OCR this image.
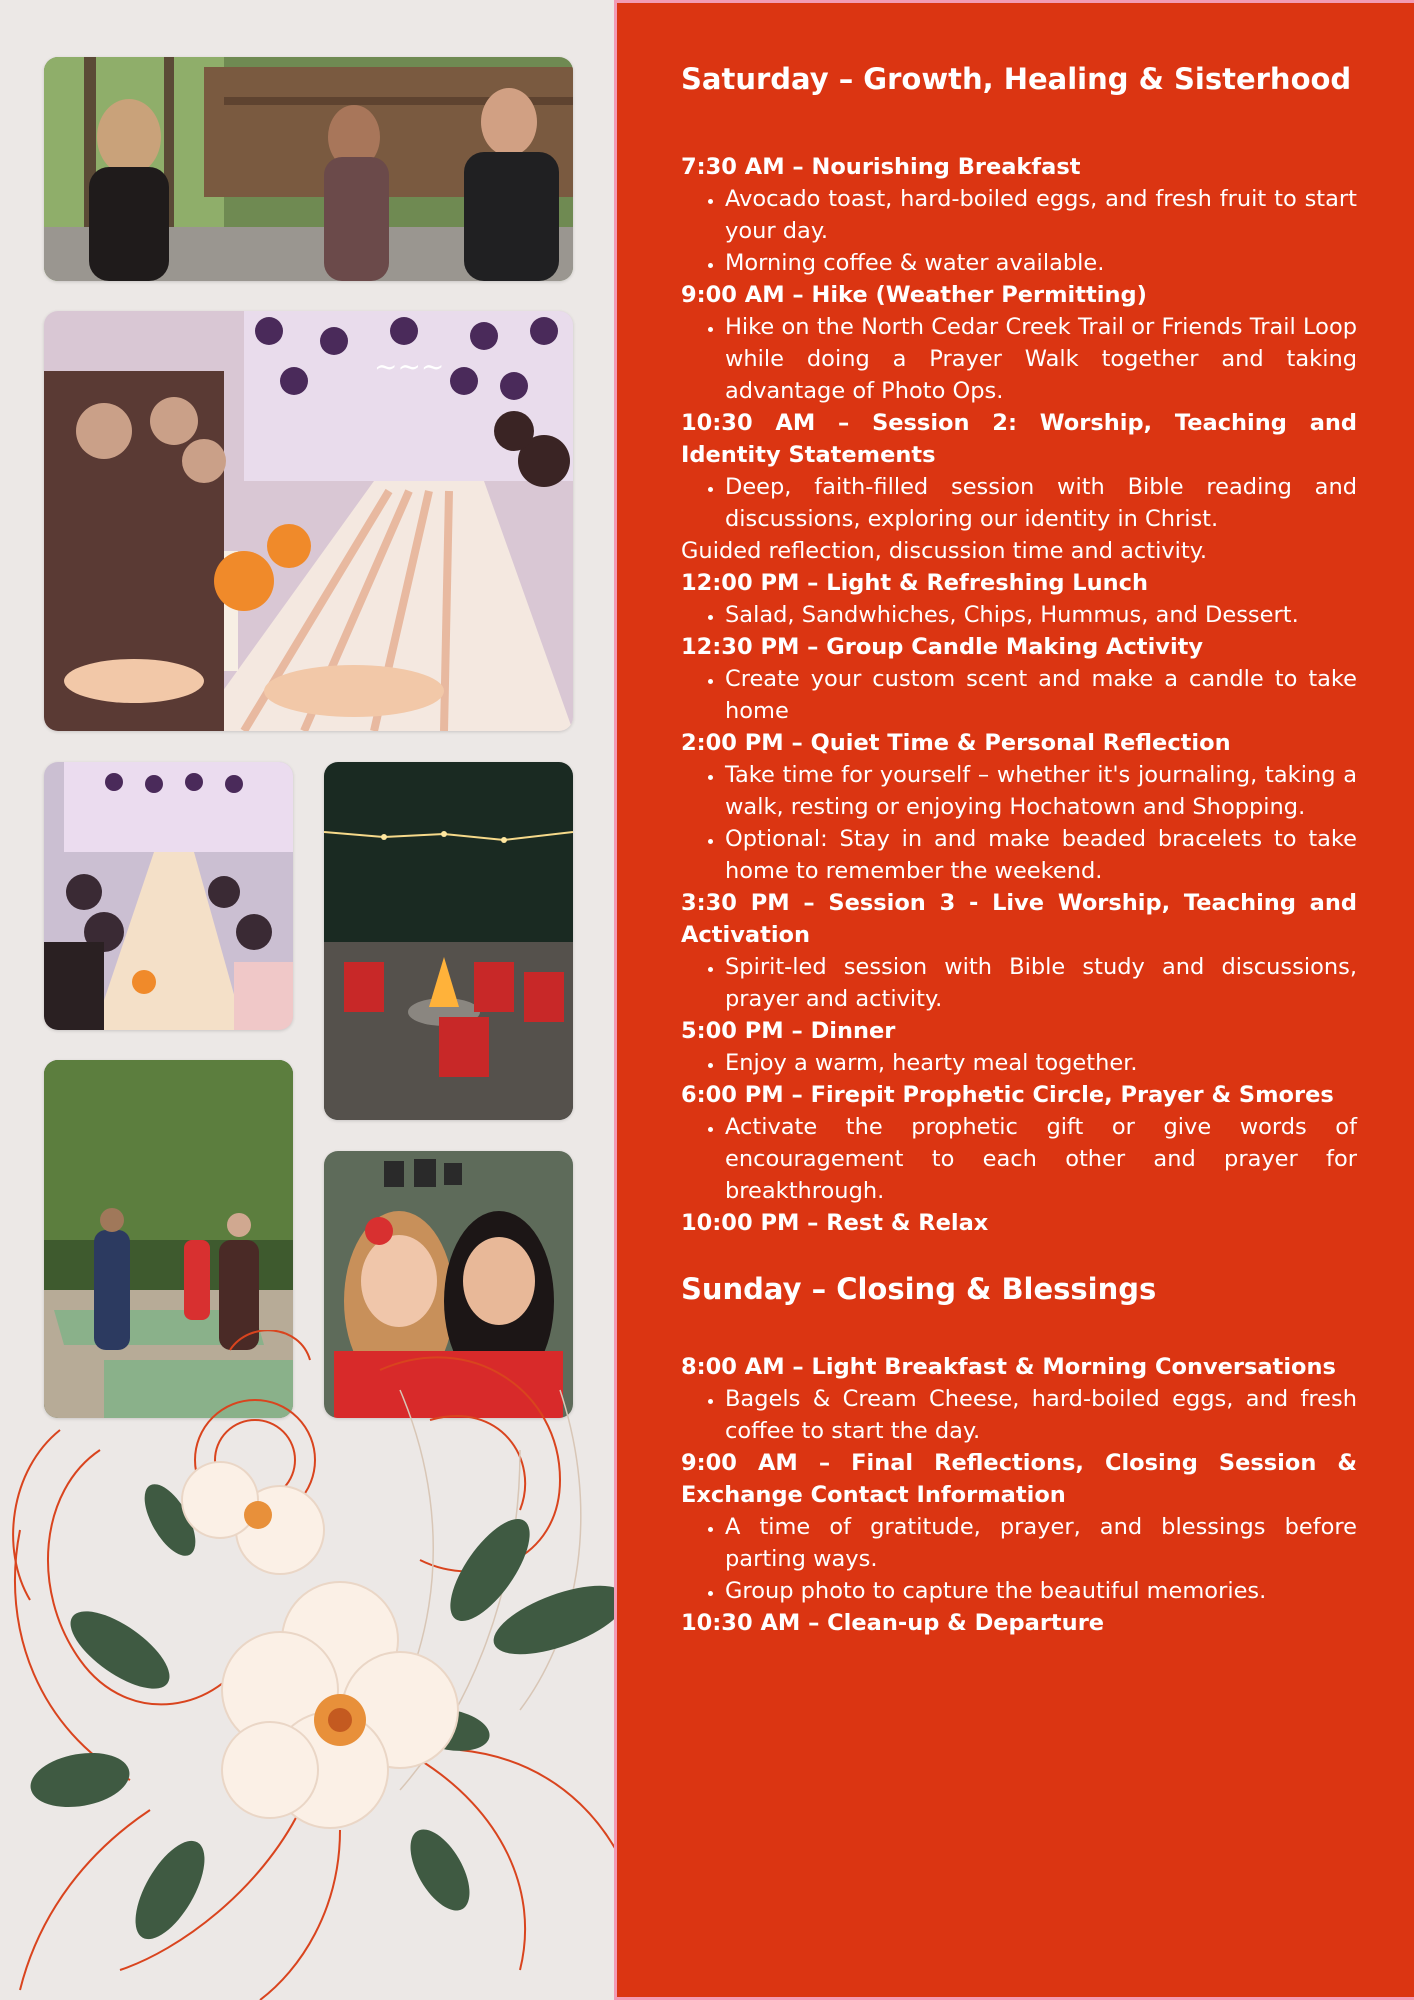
~~~
Saturday – Growth, Healing & Sisterhood
7:30 AM – Nourishing Breakfast
• Avocado toast, hard-boiled eggs, and fresh fruit to start your day.
• Morning coffee & water available.
9:00 AM – Hike (Weather Permitting)
• Hike on the North Cedar Creek Trail or Friends Trail Loop while doing a Prayer Walk together and taking advantage of Photo Ops.
10:30 AM – Session 2: Worship, Teaching and Identity Statements
• Deep, faith-filled session with Bible reading and discussions, exploring our identity in Christ.
Guided reflection, discussion time and activity.
12:00 PM – Light & Refreshing Lunch
• Salad, Sandwhiches, Chips, Hummus, and Dessert.
12:30 PM – Group Candle Making Activity
• Create your custom scent and make a candle to take home
2:00 PM – Quiet Time & Personal Reflection
• Take time for yourself – whether it's journaling, taking a walk, resting or enjoying Hochatown and Shopping.
• Optional: Stay in and make beaded bracelets to take home to remember the weekend.
3:30 PM – Session 3 - Live Worship, Teaching and Activation
• Spirit-led session with Bible study and discussions, prayer and activity.
5:00 PM – Dinner
• Enjoy a warm, hearty meal together.
6:00 PM – Firepit Prophetic Circle, Prayer & Smores
• Activate the prophetic gift or give words of encouragement to each other and prayer for breakthrough.
10:00 PM – Rest & Relax
Sunday – Closing & Blessings
8:00 AM – Light Breakfast & Morning Conversations
• Bagels & Cream Cheese, hard-boiled eggs, and fresh coffee to start the day.
9:00 AM – Final Reflections, Closing Session & Exchange Contact Information
• A time of gratitude, prayer, and blessings before parting ways.
• Group photo to capture the beautiful memories.
10:30 AM – Clean-up & Departure
